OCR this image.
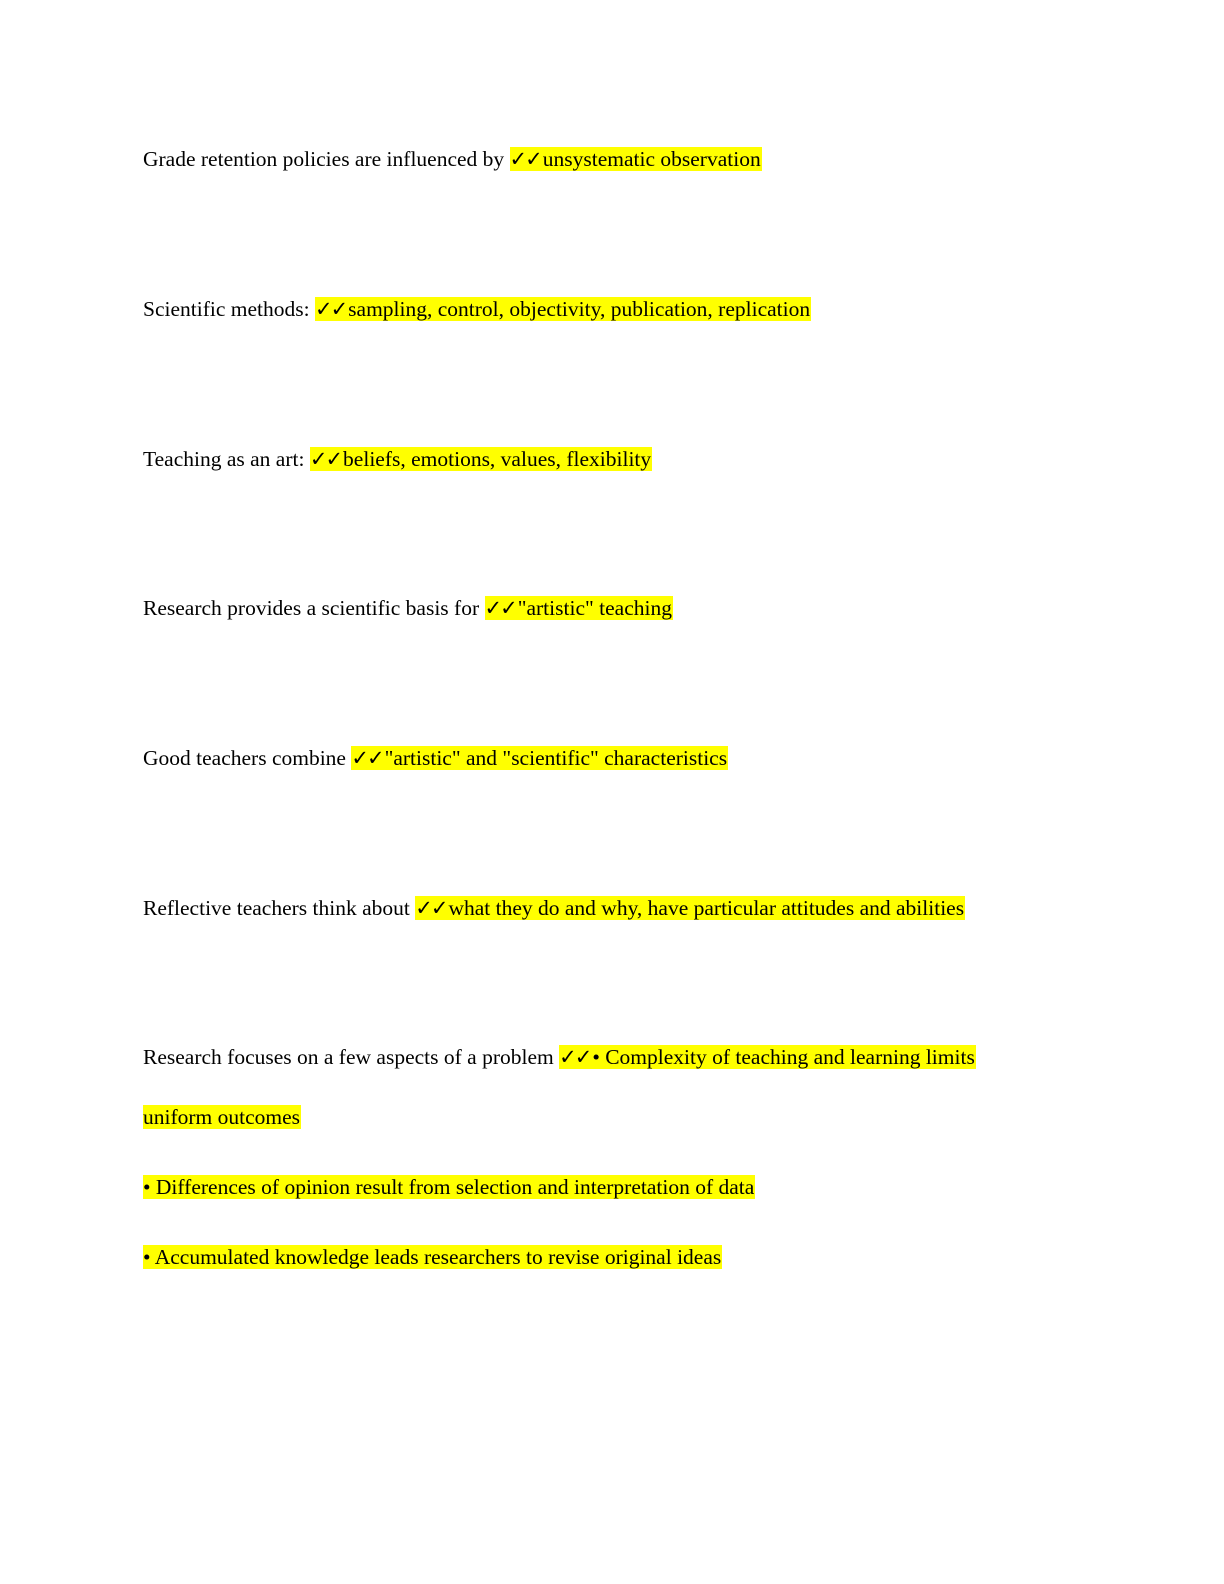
Grade retention policies are influenced by ✓✓unsystematic observation
Scientific methods: ✓✓sampling, control, objectivity, publication, replication
Teaching as an art: ✓✓beliefs, emotions, values, flexibility
Research provides a scientific basis for ✓✓"artistic" teaching
Good teachers combine ✓✓"artistic" and "scientific" characteristics
Reflective teachers think about ✓✓what they do and why, have particular attitudes and abilities
Research focuses on a few aspects of a problem ✓✓• Complexity of teaching and learning limits
uniform outcomes
• Differences of opinion result from selection and interpretation of data
• Accumulated knowledge leads researchers to revise original ideas
